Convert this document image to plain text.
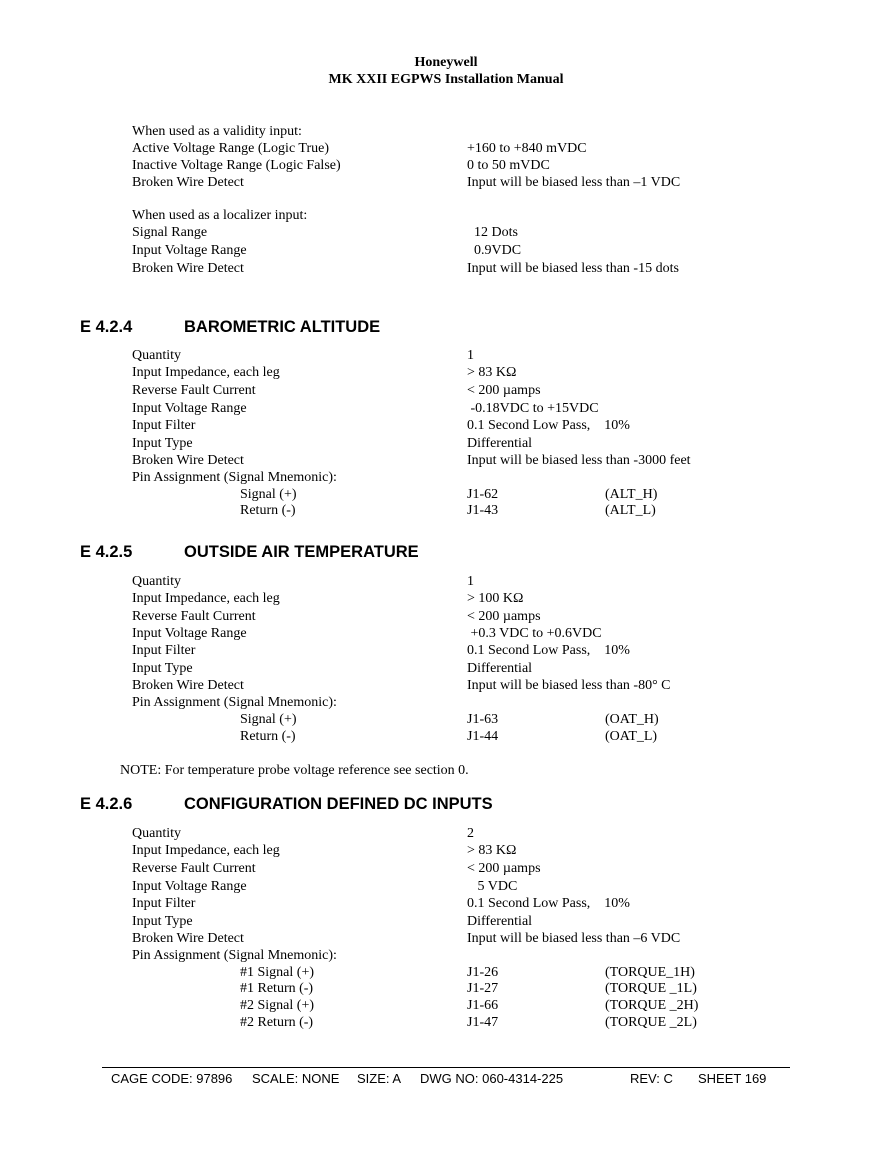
Honeywell
MK XXII EGPWS Installation Manual
When used as a validity input:
Active Voltage Range (Logic True)	+160 to +840 mVDC
Inactive Voltage Range (Logic False)	0 to 50 mVDC
Broken Wire Detect	Input will be biased less than –1 VDC
When used as a localizer input:
Signal Range	12 Dots
Input Voltage Range	0.9VDC
Broken Wire Detect	Input will be biased less than -15 dots
E 4.2.4	BAROMETRIC ALTITUDE
Quantity	1
Input Impedance, each leg	> 83 KΩ
Reverse Fault Current	< 200 µamps
Input Voltage Range	-0.18VDC to +15VDC
Input Filter	0.1 Second Low Pass,    10%
Input Type	Differential
Broken Wire Detect	Input will be biased less than -3000 feet
Pin Assignment (Signal Mnemonic):
Signal (+)	J1-62	(ALT_H)
Return (-)	J1-43	(ALT_L)
E 4.2.5	OUTSIDE AIR TEMPERATURE
Quantity	1
Input Impedance, each leg	> 100 KΩ
Reverse Fault Current	< 200 µamps
Input Voltage Range	+0.3 VDC to +0.6VDC
Input Filter	0.1 Second Low Pass,    10%
Input Type	Differential
Broken Wire Detect	Input will be biased less than -80° C
Pin Assignment (Signal Mnemonic):
Signal (+)	J1-63	(OAT_H)
Return (-)	J1-44	(OAT_L)
NOTE: For temperature probe voltage reference see section 0.
E 4.2.6	CONFIGURATION DEFINED DC INPUTS
Quantity	2
Input Impedance, each leg	> 83 KΩ
Reverse Fault Current	< 200 µamps
Input Voltage Range	5 VDC
Input Filter	0.1 Second Low Pass,    10%
Input Type	Differential
Broken Wire Detect	Input will be biased less than –6 VDC
Pin Assignment (Signal Mnemonic):
#1 Signal (+)	J1-26	(TORQUE_1H)
#1 Return (-)	J1-27	(TORQUE _1L)
#2 Signal (+)	J1-66	(TORQUE _2H)
#2 Return (-)	J1-47	(TORQUE _2L)
CAGE CODE: 97896 SCALE: NONE SIZE: A DWG NO: 060-4314-225	REV: C SHEET 169
